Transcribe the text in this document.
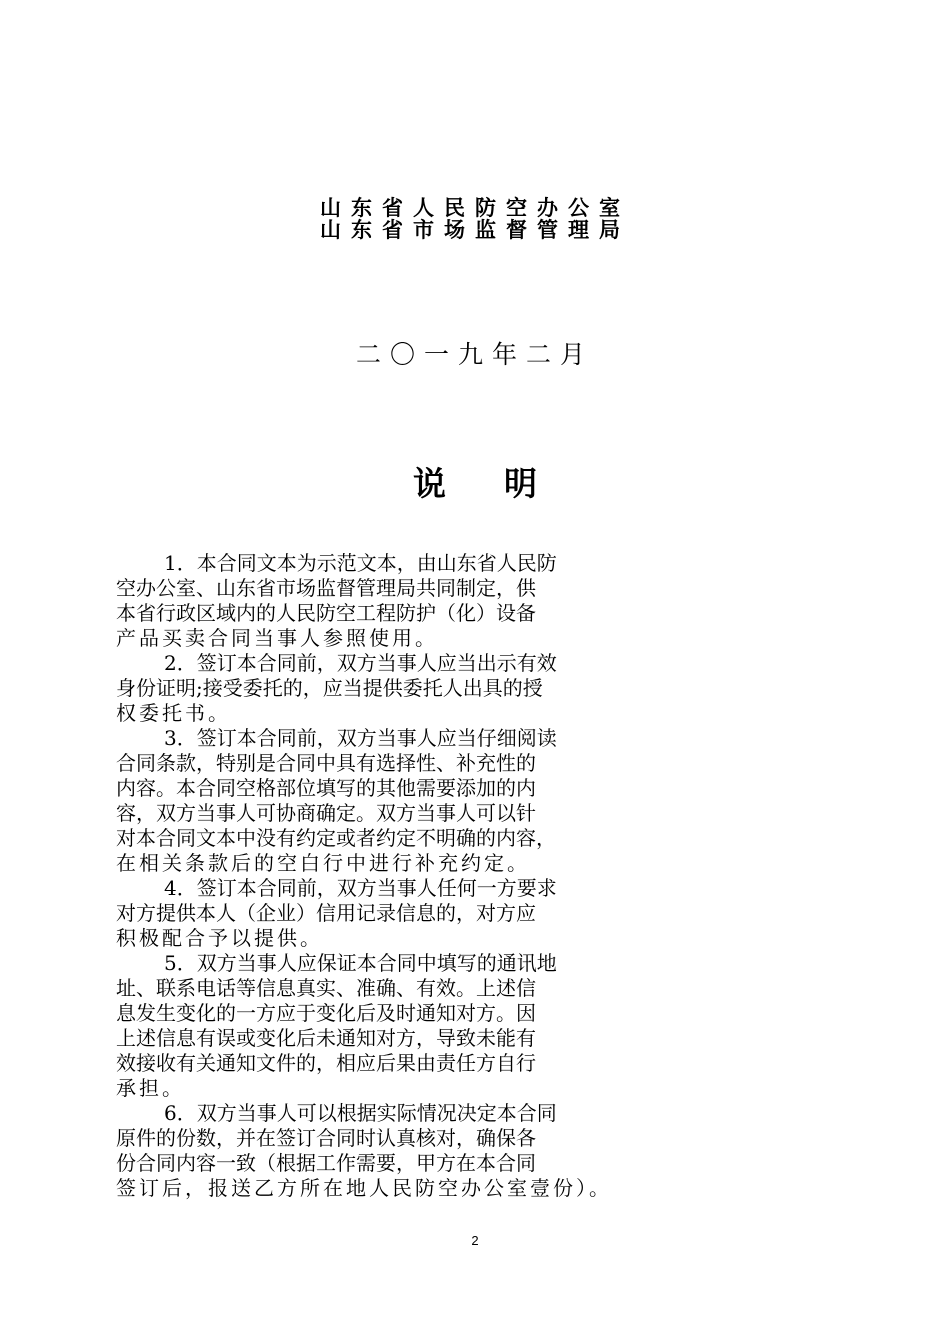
山东省人民防空办公室
山东省市场监督管理局
二〇一九年二月
说 明
1．本合同文本为示范文本，由山东省人民防
空办公室、山东省市场监督管理局共同制定，供
本省行政区域内的人民防空工程防护（化）设备
产品买卖合同当事人参照使用。
2．签订本合同前，双方当事人应当出示有效
身份证明;接受委托的，应当提供委托人出具的授
权委托书。
3．签订本合同前，双方当事人应当仔细阅读
合同条款，特别是合同中具有选择性、补充性的
内容。本合同空格部位填写的其他需要添加的内
容，双方当事人可协商确定。双方当事人可以针
对本合同文本中没有约定或者约定不明确的内容，
在相关条款后的空白行中进行补充约定。
4．签订本合同前，双方当事人任何一方要求
对方提供本人（企业）信用记录信息的，对方应
积极配合予以提供。
5．双方当事人应保证本合同中填写的通讯地
址、联系电话等信息真实、准确、有效。上述信
息发生变化的一方应于变化后及时通知对方。因
上述信息有误或变化后未通知对方，导致未能有
效接收有关通知文件的，相应后果由责任方自行
承担。
6．双方当事人可以根据实际情况决定本合同
原件的份数，并在签订合同时认真核对，确保各
份合同内容一致（根据工作需要，甲方在本合同
签订后，报送乙方所在地人民防空办公室壹份）。
2
